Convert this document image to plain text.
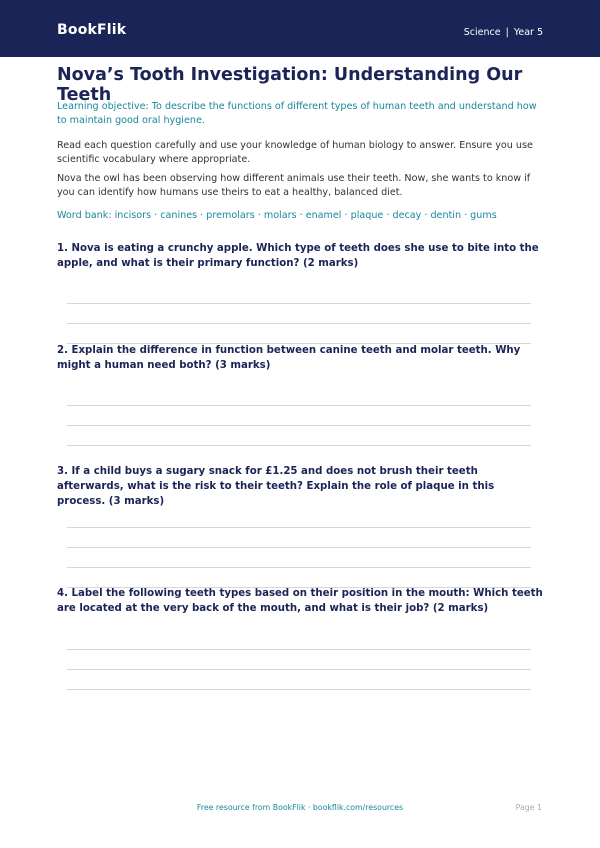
BookFlik	Science | Year 5
Nova’s Tooth Investigation: Understanding Our Teeth
Learning objective: To describe the functions of different types of human teeth and understand how to maintain good oral hygiene.
Read each question carefully and use your knowledge of human biology to answer. Ensure you use scientific vocabulary where appropriate.
Nova the owl has been observing how different animals use their teeth. Now, she wants to know if you can identify how humans use theirs to eat a healthy, balanced diet.
Word bank: incisors · canines · premolars · molars · enamel · plaque · decay · dentin · gums
1. Nova is eating a crunchy apple. Which type of teeth does she use to bite into the apple, and what is their primary function? (2 marks)
2. Explain the difference in function between canine teeth and molar teeth. Why might a human need both? (3 marks)
3. If a child buys a sugary snack for £1.25 and does not brush their teeth afterwards, what is the risk to their teeth? Explain the role of plaque in this process. (3 marks)
4. Label the following teeth types based on their position in the mouth: Which teeth are located at the very back of the mouth, and what is their job? (2 marks)
Free resource from BookFlik · bookflik.com/resources	Page 1
